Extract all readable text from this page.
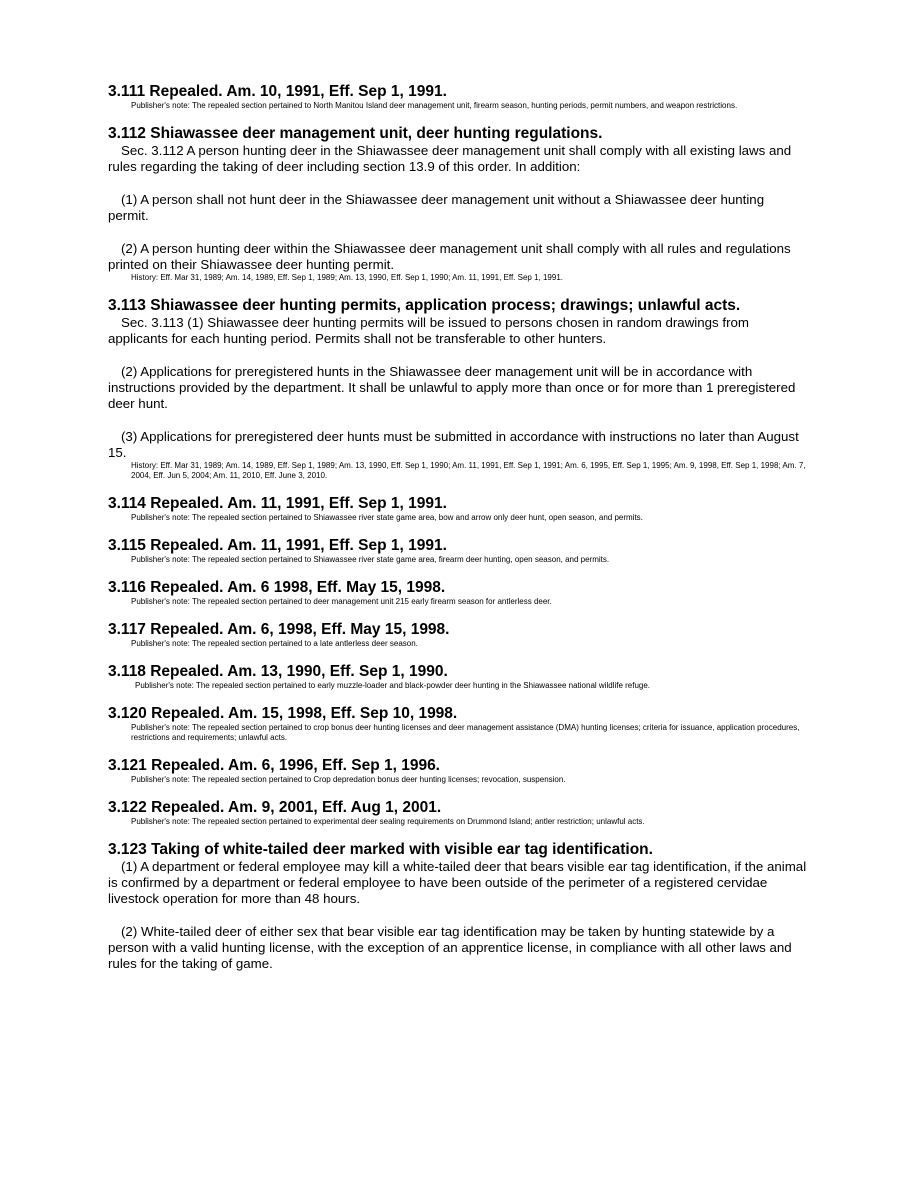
3.111 Repealed. Am. 10, 1991, Eff. Sep 1, 1991.

Publisher's note: The repealed section pertained to North Manitou Island deer management unit, firearm season, hunting periods, permit numbers, and weapon restrictions.

3.112 Shiawassee deer management unit, deer hunting regulations.

Sec. 3.112 A person hunting deer in the Shiawassee deer management unit shall comply with all existing laws and rules regarding the taking of deer including section 13.9 of this order. In addition:

(1) A person shall not hunt deer in the Shiawassee deer management unit without a Shiawassee deer hunting permit.

(2) A person hunting deer within the Shiawassee deer management unit shall comply with all rules and regulations printed on their Shiawassee deer hunting permit.

History: Eff. Mar 31, 1989; Am. 14, 1989, Eff. Sep 1, 1989; Am. 13, 1990, Eff. Sep 1, 1990; Am. 11, 1991, Eff. Sep 1, 1991.

3.113 Shiawassee deer hunting permits, application process; drawings; unlawful acts.

Sec. 3.113 (1) Shiawassee deer hunting permits will be issued to persons chosen in random drawings from applicants for each hunting period. Permits shall not be transferable to other hunters.

(2) Applications for preregistered hunts in the Shiawassee deer management unit will be in accordance with instructions provided by the department. It shall be unlawful to apply more than once or for more than 1 preregistered deer hunt.

(3) Applications for preregistered deer hunts must be submitted in accordance with instructions no later than August 15.

History: Eff. Mar 31, 1989; Am. 14, 1989, Eff. Sep 1, 1989; Am. 13, 1990, Eff. Sep 1, 1990; Am. 11, 1991, Eff. Sep 1, 1991; Am. 6, 1995, Eff. Sep 1, 1995; Am. 9, 1998, Eff. Sep 1, 1998; Am. 7, 2004, Eff. Jun 5, 2004; Am. 11, 2010, Eff. June 3, 2010.

3.114 Repealed. Am. 11, 1991, Eff. Sep 1, 1991.

Publisher's note: The repealed section pertained to Shiawassee river state game area, bow and arrow only deer hunt, open season, and permits.

3.115 Repealed. Am. 11, 1991, Eff. Sep 1, 1991.

Publisher's note: The repealed section pertained to Shiawassee river state game area, firearm deer hunting, open season, and permits.

3.116 Repealed. Am. 6 1998, Eff. May 15, 1998.

Publisher's note: The repealed section pertained to deer management unit 215 early firearm season for antlerless deer.

3.117 Repealed. Am. 6, 1998, Eff. May 15, 1998.

Publisher's note: The repealed section pertained to a late antlerless deer season.

3.118 Repealed. Am. 13, 1990, Eff. Sep 1, 1990.

Publisher's note: The repealed section pertained to early muzzle-loader and black-powder deer hunting in the Shiawassee national wildlife refuge.

3.120 Repealed. Am. 15, 1998, Eff. Sep 10, 1998.

Publisher's note: The repealed section pertained to crop bonus deer hunting licenses and deer management assistance (DMA) hunting licenses; criteria for issuance, application procedures, restrictions and requirements; unlawful acts.

3.121 Repealed. Am. 6, 1996, Eff. Sep 1, 1996.

Publisher's note: The repealed section pertained to Crop depredation bonus deer hunting licenses; revocation, suspension.

3.122 Repealed. Am. 9, 2001, Eff. Aug 1, 2001.

Publisher's note: The repealed section pertained to experimental deer sealing requirements on Drummond Island; antler restriction; unlawful acts.

3.123 Taking of white-tailed deer marked with visible ear tag identification.

(1) A department or federal employee may kill a white-tailed deer that bears visible ear tag identification, if the animal is confirmed by a department or federal employee to have been outside of the perimeter of a registered cervidae livestock operation for more than 48 hours.

(2) White-tailed deer of either sex that bear visible ear tag identification may be taken by hunting statewide by a person with a valid hunting license, with the exception of an apprentice license, in compliance with all other laws and rules for the taking of game.
